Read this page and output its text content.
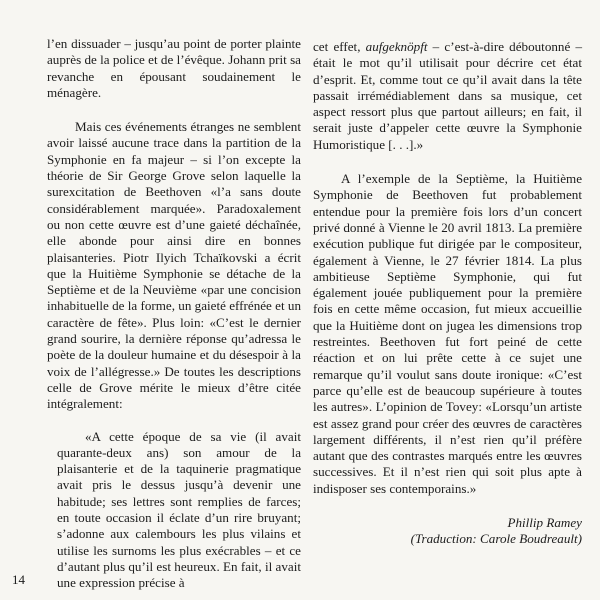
l’en dissuader – jusqu’au point de porter plainte auprès de la police et de l’évêque. Johann prit sa revanche en épousant soudainement le ménagère.

Mais ces événements étranges ne semblent avoir laissé aucune trace dans la partition de la Symphonie en fa majeur – si l’on excepte la théorie de Sir George Grove selon laquelle la surexcitation de Beethoven «l’a sans doute considérablement marquée». Paradoxalement ou non cette œuvre est d’une gaieté déchaînée, elle abonde pour ainsi dire en bonnes plaisanteries. Piotr Ilyich Tchaïkovski a écrit que la Huitième Symphonie se détache de la Septième et de la Neuvième «par une concision inhabituelle de la forme, un gaieté effrénée et un caractère de fête». Plus loin: «C’est le dernier grand sourire, la dernière réponse qu’adressa le poète de la douleur humaine et du désespoir à la voix de l’allégresse.» De toutes les descriptions celle de Grove mérite le mieux d’être citée intégralement:

«A cette époque de sa vie (il avait quarante-deux ans) son amour de la plaisanterie et de la taquinerie pragmatique avait pris le dessus jusqu’à devenir une habitude; ses lettres sont remplies de farces; en toute occasion il éclate d’un rire bruyant; s’adonne aux calembours les plus vilains et utilise les surnoms les plus exécrables – et ce d’autant plus qu’il est heureux. En fait, il avait une expression précise à

cet effet, aufgeknöpft – c’est-à-dire déboutonné – était le mot qu’il utilisait pour décrire cet état d’esprit. Et, comme tout ce qu’il avait dans la tête passait irrémédiablement dans sa musique, cet aspect ressort plus que partout ailleurs; en fait, il serait juste d’appeler cette œuvre la Symphonie Humoristique [. . .].»

A l’exemple de la Septième, la Huitième Symphonie de Beethoven fut probablement entendue pour la première fois lors d’un concert privé donné à Vienne le 20 avril 1813. La première exécution publique fut dirigée par le compositeur, également à Vienne, le 27 février 1814. La plus ambitieuse Septième Symphonie, qui fut également jouée publiquement pour la première fois en cette même occasion, fut mieux accueillie que la Huitième dont on jugea les dimensions trop restreintes. Beethoven fut fort peiné de cette réaction et on lui prête cette à ce sujet une remarque qu’il voulut sans doute ironique: «C’est parce qu’elle est de beaucoup supérieure à toutes les autres». L’opinion de Tovey: «Lorsqu’un artiste est assez grand pour créer des œuvres de caractères largement différents, il n’est rien qu’il préfère autant que des contrastes marqués entre les œuvres successives. Et il n’est rien qui soit plus apte à indisposer ses contemporains.»

Phillip Ramey

(Traduction: Carole Boudreault)

14
